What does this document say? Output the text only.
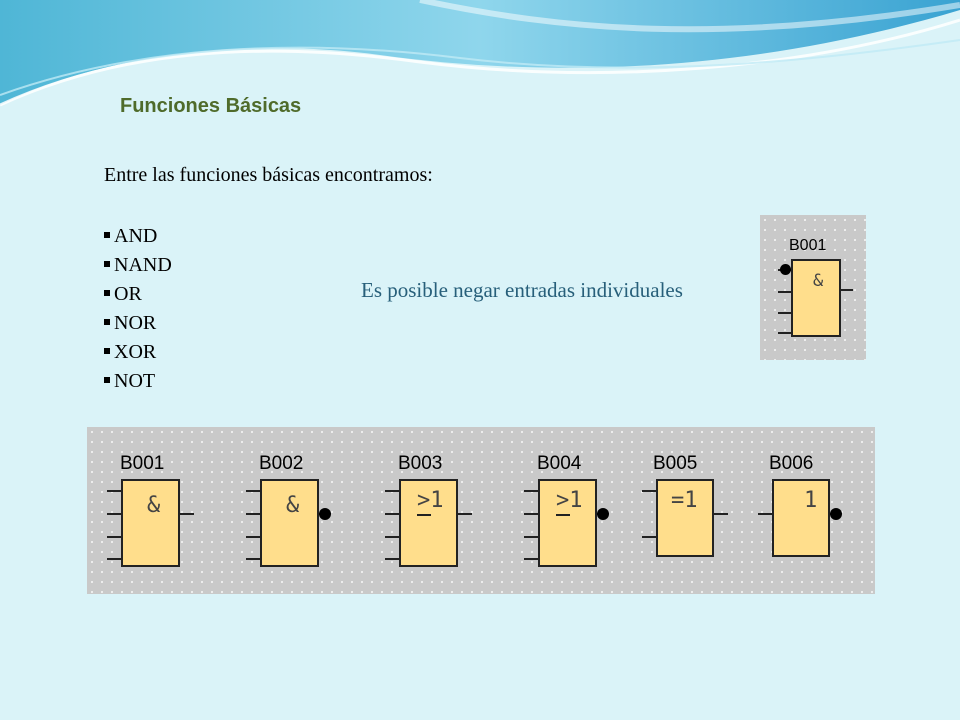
Funciones Básicas
Entre las funciones básicas encontramos:
AND
NAND
OR
NOR
XOR
NOT
Es posible negar entradas individuales
B001
&
B001
&
B002
&
B003
>1
B004
>1
B005
=1
B006
1
